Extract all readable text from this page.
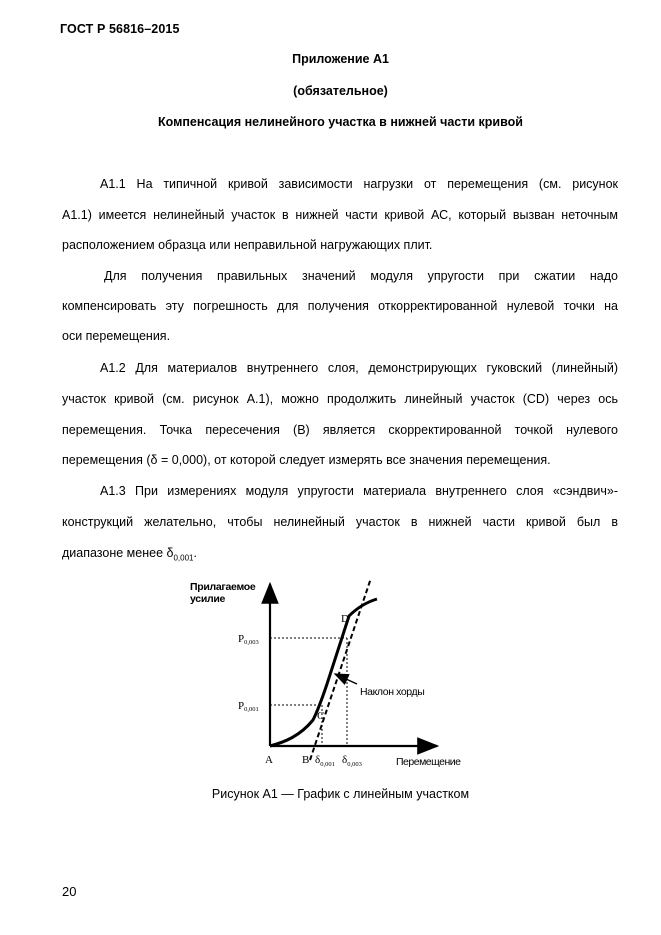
ГОСТ Р 56816–2015
Приложение А1
(обязательное)
Компенсация нелинейного участка в нижней части кривой
А1.1 На типичной кривой зависимости нагрузки от перемещения (см. рисунок
А1.1) имеется нелинейный участок в нижней части кривой АС, который вызван неточным
расположением образца или неправильной нагружающих плит.
Для получения правильных значений модуля упругости при сжатии надо
компенсировать эту погрешность для получения откорректированной нулевой точки на
оси перемещения.
А1.2 Для материалов внутреннего слоя, демонстрирующих гуковский (линейный)
участок кривой (см. рисунок А.1), можно продолжить линейный участок (CD) через ось
перемещения. Точка пересечения (В) является скорректированной точкой нулевого
перемещения (δ = 0,000), от которой следует измерять все значения перемещения.
А1.3 При измерениях модуля упругости материала внутреннего слоя «сэндвич»-
конструкций желательно, чтобы нелинейный участок в нижней части кривой был в
диапазоне менее $\delta_{0,001}$.
Прилагаемое
усилие
Перемещение
Наклон хорды
A	B
C
D
P0,003
P0,001
$\delta_{0,001}$ $\delta_{0,003}$
Рисунок А1 — График с линейным участком
20
